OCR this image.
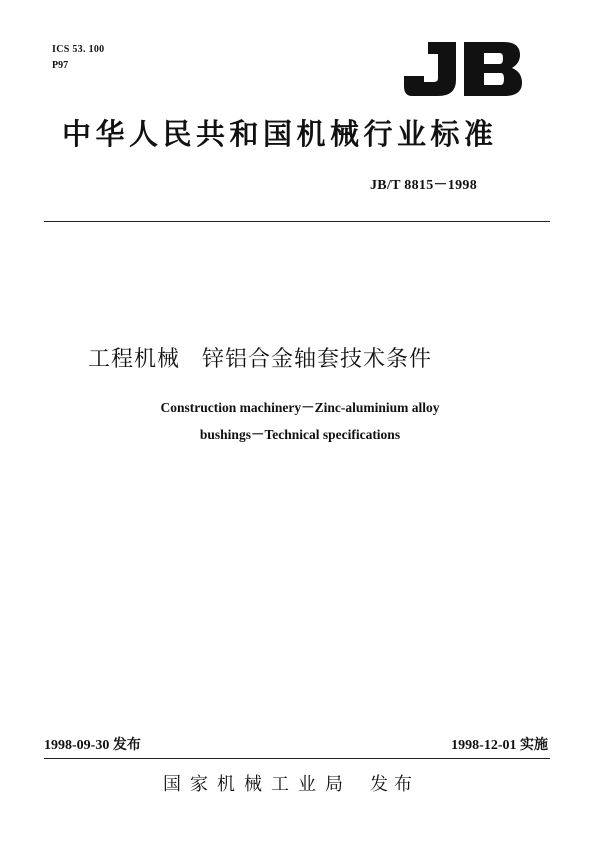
ICS 53. 100
P97
中华人民共和国机械行业标准
JB/T 8815－1998
工程机械 锌铝合金轴套技术条件
Construction machinery－Zinc-aluminium alloy
bushings－Technical specifications
1998-09-30 发布	1998-12-01 实施
国家机械工业局 发布
